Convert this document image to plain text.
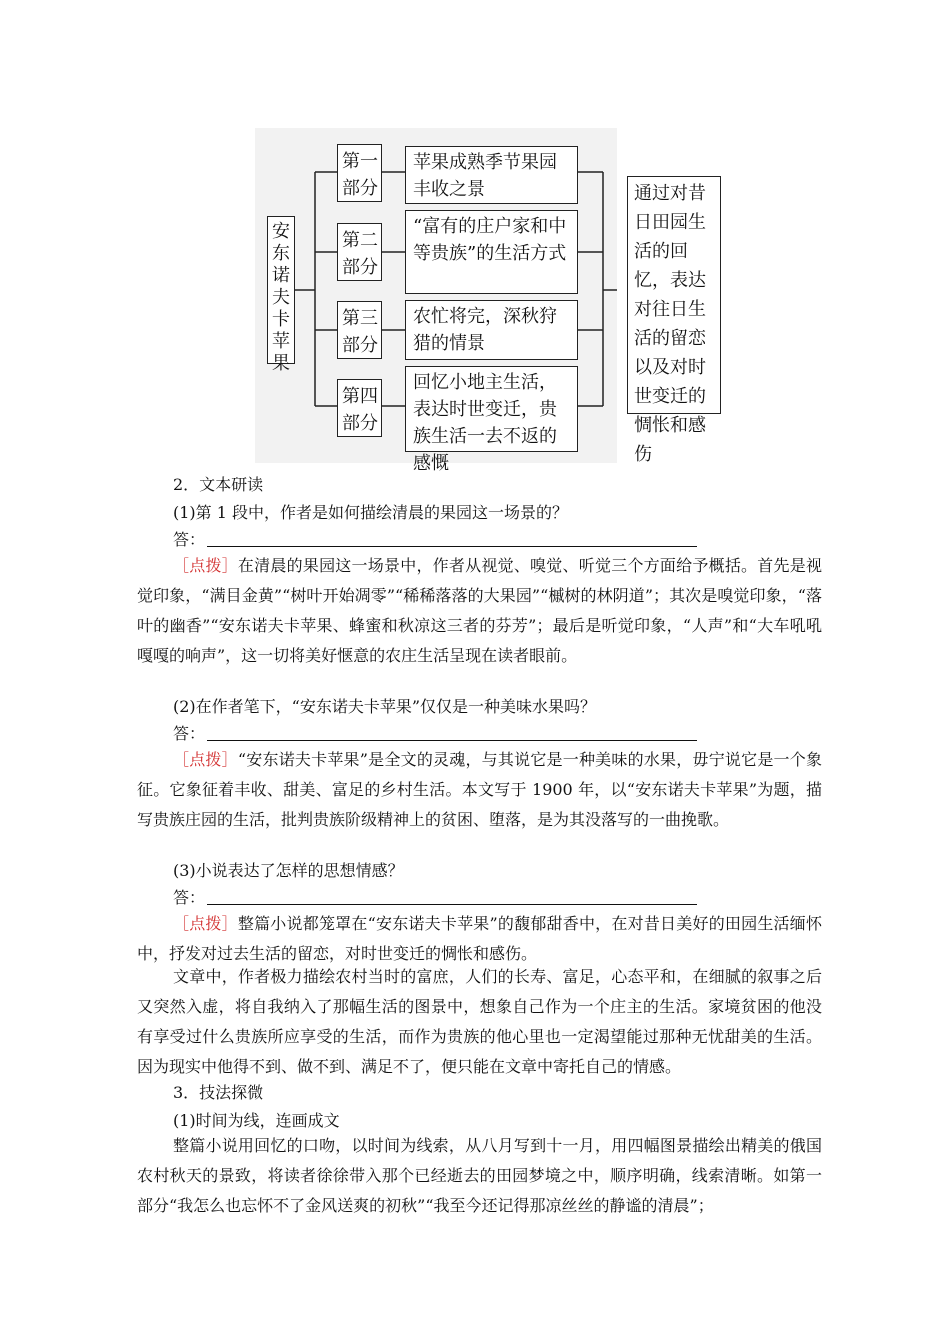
安东诺夫卡苹果
第一部分
苹果成熟季节果园丰收之景
第二部分
“富有的庄户家和中等贵族”的生活方式
第三部分
农忙将完，深秋狩猎的情景
第四部分
回忆小地主生活，表达时世变迁，贵族生活一去不返的感慨
通过对昔日田园生活的回忆，表达对往日生活的留恋以及对时世变迁的惆怅和感伤
2．文本研读
(1)第 1 段中，作者是如何描绘清晨的果园这一场景的？
答：
［点拨］在清晨的果园这一场景中，作者从视觉、嗅觉、听觉三个方面给予概括。首先是视觉印象，“满目金黄”“树叶开始凋零”“稀稀落落的大果园”“槭树的林阴道”；其次是嗅觉印象，“落叶的幽香”“安东诺夫卡苹果、蜂蜜和秋凉这三者的芬芳”；最后是听觉印象，“人声”和“大车吼吼嘎嘎的响声”，这一切将美好惬意的农庄生活呈现在读者眼前。
(2)在作者笔下，“安东诺夫卡苹果”仅仅是一种美味水果吗？
答：
［点拨］“安东诺夫卡苹果”是全文的灵魂，与其说它是一种美味的水果，毋宁说它是一个象征。它象征着丰收、甜美、富足的乡村生活。本文写于 1900 年，以“安东诺夫卡苹果”为题，描写贵族庄园的生活，批判贵族阶级精神上的贫困、堕落，是为其没落写的一曲挽歌。
(3)小说表达了怎样的思想情感？
答：
［点拨］整篇小说都笼罩在“安东诺夫卡苹果”的馥郁甜香中，在对昔日美好的田园生活缅怀中，抒发对过去生活的留恋，对时世变迁的惆怅和感伤。
文章中，作者极力描绘农村当时的富庶，人们的长寿、富足，心态平和，在细腻的叙事之后又突然入虚，将自我纳入了那幅生活的图景中，想象自己作为一个庄主的生活。家境贫困的他没有享受过什么贵族所应享受的生活，而作为贵族的他心里也一定渴望能过那种无忧甜美的生活。因为现实中他得不到、做不到、满足不了，便只能在文章中寄托自己的情感。
3．技法探微
(1)时间为线，连画成文
整篇小说用回忆的口吻，以时间为线索，从八月写到十一月，用四幅图景描绘出精美的俄国农村秋天的景致，将读者徐徐带入那个已经逝去的田园梦境之中，顺序明确，线索清晰。如第一部分“我怎么也忘怀不了金风送爽的初秋”“我至今还记得那凉丝丝的静谧的清晨”；
